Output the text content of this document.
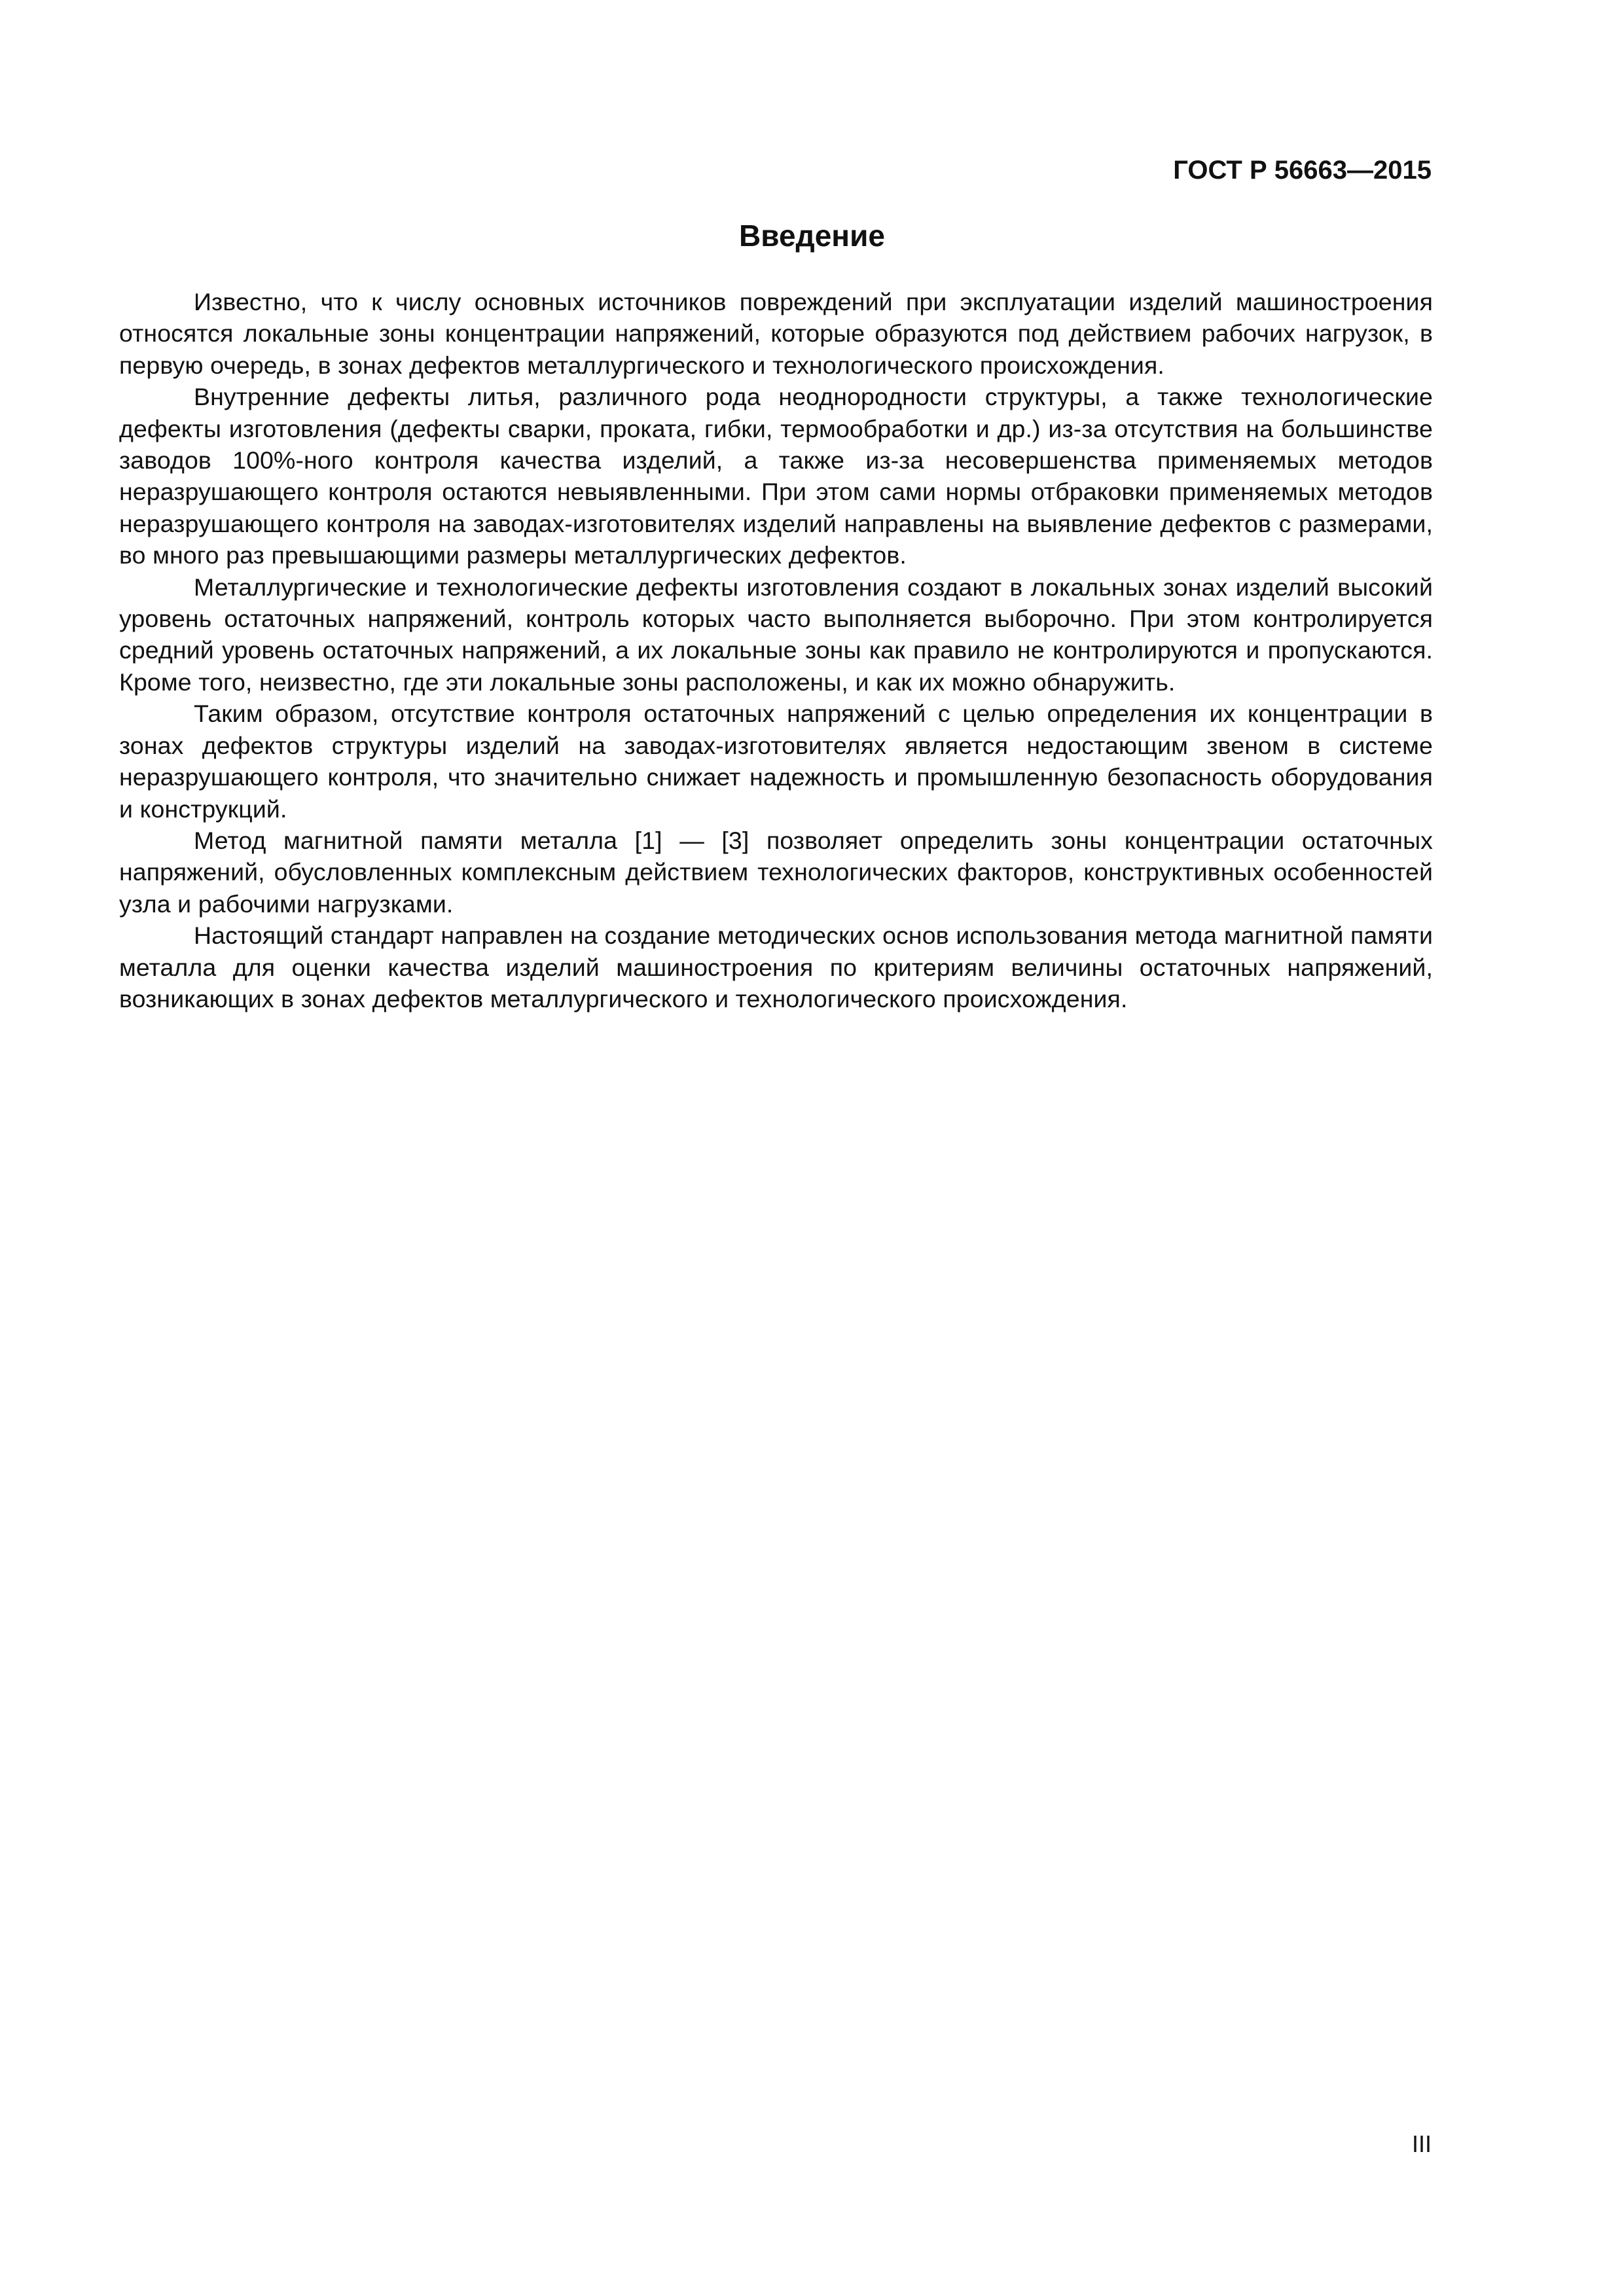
ГОСТ Р 56663—2015
Введение

Известно, что к числу основных источников повреждений при эксплуатации изделий машиностроения относятся локальные зоны концентрации напряжений, которые образуются под действием рабочих нагрузок, в первую очередь, в зонах дефектов металлургического и технологического происхождения.

Внутренние дефекты литья, различного рода неоднородности структуры, а также технологические дефекты изготовления (дефекты сварки, проката, гибки, термообработки и др.) из-за отсутствия на большинстве заводов 100%-ного контроля качества изделий, а также из-за несовершенства применяемых методов неразрушающего контроля остаются невыявленными. При этом сами нормы отбраковки применяемых методов неразрушающего контроля на заводах-изготовителях изделий направлены на выявление дефектов с размерами, во много раз превышающими размеры металлургических дефектов.

Металлургические и технологические дефекты изготовления создают в локальных зонах изделий высокий уровень остаточных напряжений, контроль которых часто выполняется выборочно. При этом контролируется средний уровень остаточных напряжений, а их локальные зоны как правило не контролируются и пропускаются. Кроме того, неизвестно, где эти локальные зоны расположены, и как их можно обнаружить.

Таким образом, отсутствие контроля остаточных напряжений с целью определения их концентрации в зонах дефектов структуры изделий на заводах-изготовителях является недостающим звеном в системе неразрушающего контроля, что значительно снижает надежность и промышленную безопасность оборудования и конструкций.

Метод магнитной памяти металла [1] — [3] позволяет определить зоны концентрации остаточных напряжений, обусловленных комплексным действием технологических факторов, конструктивных особенностей узла и рабочими нагрузками.

Настоящий стандарт направлен на создание методических основ использования метода магнитной памяти металла для оценки качества изделий машиностроения по критериям величины остаточных напряжений, возникающих в зонах дефектов металлургического и технологического происхождения.

III
